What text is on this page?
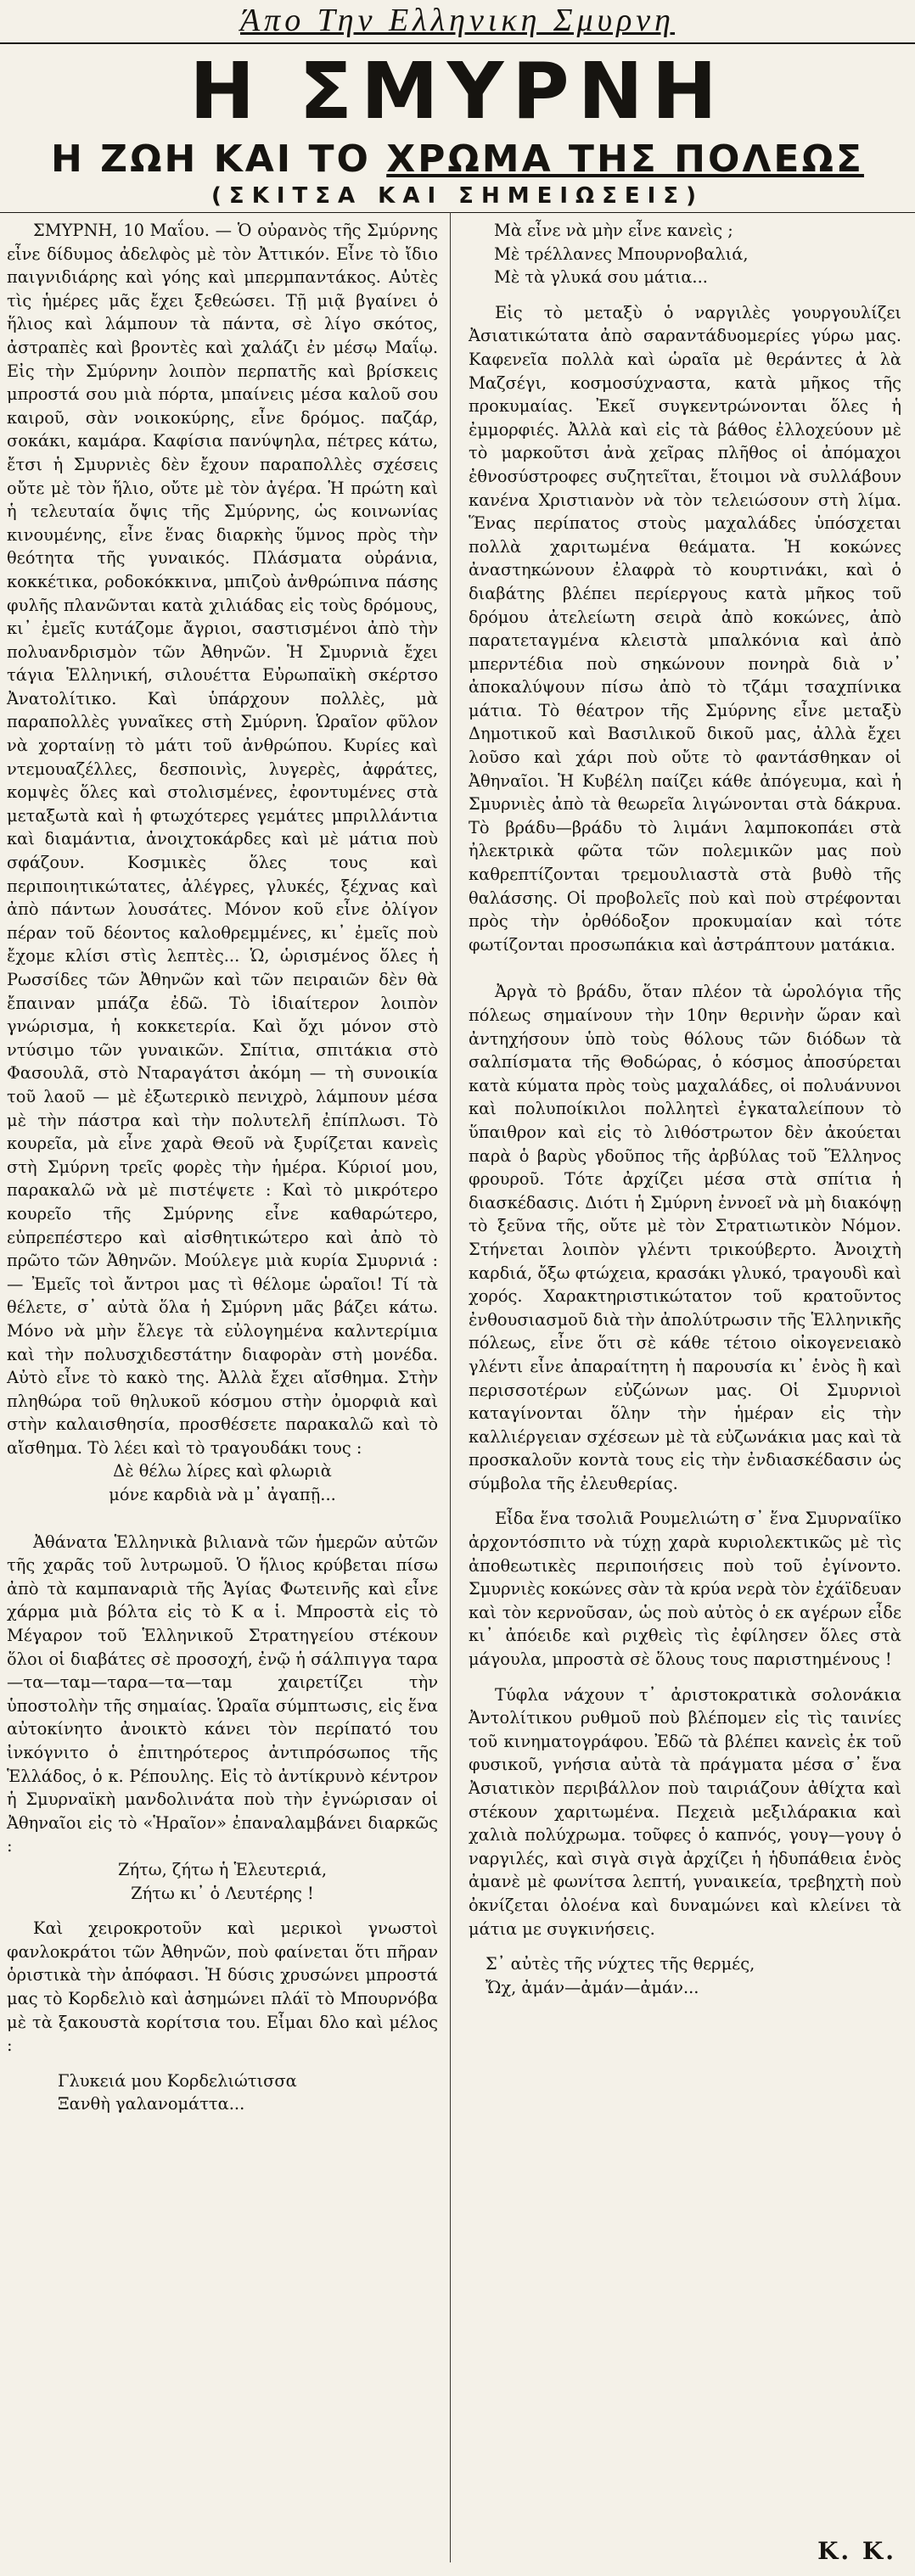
Άπο Την Ελληνικη Σμυρνη
Η ΣΜΥΡΝΗ
Η ΖΩΗ ΚΑΙ ΤΟ ΧΡΩΜΑ ΤΗΣ ΠΟΛΕΩΣ
(ΣΚΙΤΣΑ ΚΑΙ ΣΗΜΕΙΩΣΕΙΣ)

ΣΜΥΡΝΗ, 10 Μαΐου. — Ὁ οὐρανὸς τῆς Σμύρνης εἶνε δίδυμος ἀδελφὸς μὲ τὸν Ἀττικόν. Εἶνε τὸ ἴδιο παιγνιδιάρης καὶ γόης καὶ μπερμπαντάκος. Αὐτὲς τὶς ἡμέρες μᾶς ἔχει ξεθεώσει. Τῇ μιᾷ βγαίνει ὁ ἥλιος καὶ λάμπουν τὰ πάντα, σὲ λίγο σκότος, ἀστραπὲς καὶ βροντὲς καὶ χαλάζι ἐν μέσῳ Μαΐῳ. Εἰς τὴν Σμύρνην λοιπὸν περπατῆς καὶ βρίσκεις μπροστά σου μιὰ πόρτα, μπαίνεις μέσα καλοῦ σου καιροῦ, σὰν νοικοκύρης, εἶνε δρόμος. παζάρ, σοκάκι, καμάρα. Καφίσια πανύψηλα, πέτρες κάτω, ἔτσι ἡ Σμυρνιὲς δὲν ἔχουν παραπολλὲς σχέσεις οὔτε μὲ τὸν ἥλιο, οὔτε μὲ τὸν ἀγέρα. Ἡ πρώτη καὶ ἡ τελευταία ὄψις τῆς Σμύρνης, ὡς κοινωνίας κινουμένης, εἶνε ἕνας διαρκὴς ὕμνος πρὸς τὴν θεότητα τῆς γυναικός. Πλάσματα οὐράνια, κοκκέτικα, ροδοκόκκινα, μπιζοὺ ἀνθρώπινα πάσης φυλῆς πλανῶνται κατὰ χιλιάδας εἰς τοὺς δρόμους, κι᾿ ἐμεῖς κυτάζομε ἄγριοι, σαστισμένοι ἀπὸ τὴν πολυανδρισμὸν τῶν Ἀθηνῶν. Ἡ Σμυρνιὰ ἔχει τάγια Ἑλληνική, σιλουέττα Εὐρωπαϊκὴ σκέρτσο Ἀνατολίτικο. Καὶ ὑπάρχουν πολλὲς, μὰ παραπολλὲς γυναῖκες στὴ Σμύρνη. Ὡραῖον φῦλον νὰ χορταίνῃ τὸ μάτι τοῦ ἀνθρώπου. Κυρίες καὶ ντεμουαζέλλες, δεσποινὶς, λυγερὲς, ἀφράτες, κομψὲς ὅλες καὶ στολισμένες, ἐφοντυμένες στὰ μεταξωτὰ καὶ ἡ φτωχότερες γεμάτες μπριλλάντια καὶ διαμάντια, ἀνοιχτοκάρδες καὶ μὲ μάτια ποὺ σφάζουν. Κοσμικὲς ὅλες τους καὶ περιποιητικώτατες, ἀλέγρες, γλυκές, ξέχνας καὶ ἀπὸ πάντων λουσάτες. Μόνον κοῦ εἶνε ὀλίγον πέραν τοῦ δέοντος καλοθρεμμένες, κι᾿ ἐμεῖς ποὺ ἔχομε κλίσι στὶς λεπτὲς... Ὡ, ὡρισμένος ὅλες ἡ Ρωσσίδες τῶν Ἀθηνῶν καὶ τῶν πειραιῶν δὲν θὰ ἔπαιναν μπάζα ἐδῶ. Τὸ ἰδιαίτερον λοιπὸν γνώρισμα, ἡ κοκκετερία. Καὶ ὄχι μόνον στὸ ντύσιμο τῶν γυναικῶν. Σπίτια, σπιτάκια στὸ Φασουλᾶ, στὸ Νταραγάτσι ἀκόμη — τὴ συνοικία τοῦ λαοῦ — μὲ ἐξωτερικὸ πενιχρὸ, λάμπουν μέσα μὲ τὴν πάστρα καὶ τὴν πολυτελῆ ἐπίπλωσι. Τὸ κουρεῖα, μὰ εἶνε χαρὰ Θεοῦ νὰ ξυρίζεται κανεὶς στὴ Σμύρνη τρεῖς φορὲς τὴν ἡμέρα. Κύριοί μου, παρακαλῶ νὰ μὲ πιστέψετε : Καὶ τὸ μικρότερο κουρεῖο τῆς Σμύρνης εἶνε καθαρώτερο, εὐπρεπέστερο καὶ αἰσθητικώτερο καὶ ἀπὸ τὸ πρῶτο τῶν Ἀθηνῶν. Μούλεγε μιὰ κυρία Σμυρνιά : — Ἐμεῖς τοὶ ἄντροι μας τὶ θέλομε ὡραῖοι! Τί τὰ θέλετε, σ᾿ αὐτὰ ὅλα ἡ Σμύρνη μᾶς βάζει κάτω. Μόνο νὰ μὴν ἔλεγε τὰ εὐλογημένα καλντερίμια καὶ τὴν πολυσχιδεστάτην διαφορὰν στὴ μονέδα. Αὐτὸ εἶνε τὸ κακὸ της. Ἀλλὰ ἔχει αἴσθημα. Στὴν πληθώρα τοῦ θηλυκοῦ κόσμου στὴν ὀμορφιὰ καὶ στὴν καλαισθησία, προσθέσετε παρακαλῶ καὶ τὸ αἴσθημα. Τὸ λέει καὶ τὸ τραγουδάκι τους :

Δὲ θέλω λίρες καὶ φλωριὰ

μόνε καρδιὰ νὰ μ᾿ ἀγαπῇ...

Ἀθάνατα Ἑλληνικὰ βιλιανὰ τῶν ἡμερῶν αὐτῶν τῆς χαρᾶς τοῦ λυτρωμοῦ. Ὁ ἥλιος κρύβεται πίσω ἀπὸ τὰ καμπαναριὰ τῆς Ἁγίας Φωτεινῆς καὶ εἶνε χάρμα μιὰ βόλτα εἰς τὸ Κ α ἱ. Μπροστὰ εἰς τὸ Μέγαρον τοῦ Ἑλληνικοῦ Στρατηγείου στέκουν ὅλοι οἱ διαβάτες σὲ προσοχή, ἐνῷ ἡ σάλπιγγα ταρα—τα—ταμ—ταρα—τα—ταμ χαιρετίζει τὴν ὑποστολὴν τῆς σημαίας. Ὡραῖα σύμπτωσις, εἰς ἕνα αὐτοκίνητο ἀνοικτὸ κάνει τὸν περίπατό του ἰνκόγνιτο ὁ ἐπιτηρότερος ἀντιπρόσωπος τῆς Ἑλλάδος, ὁ κ. Ρέπουλης. Εἰς τὸ ἀντίκρυνὸ κέντρον ἡ Σμυρναϊκὴ μανδολινάτα ποὺ τὴν ἐγνώρισαν οἱ Ἀθηναῖοι εἰς τὸ «Ἡραῖον» ἐπαναλαμβάνει διαρκῶς :

Ζήτω, ζήτω ἡ Ἑλευτεριά,

Ζήτω κι᾿ ὁ Λευτέρης !

Καὶ χειροκροτοῦν καὶ μερικοὶ γνωστοὶ φανλοκράτοι τῶν Ἀθηνῶν, ποὺ φαίνεται ὅτι πῆραν ὁριστικὰ τὴν ἀπόφασι. Ἡ δύσις χρυσώνει μπροστά μας τὸ Κορδελιὸ καὶ ἀσημώνει πλάϊ τὸ Μπουρνόβα μὲ τὰ ξακουστὰ κορίτσια του. Εἶμαι δλο καὶ μέλος :

Γλυκειά μου Κορδελιώτισσα

Ξανθὴ γαλανομάττα...

Μὰ εἶνε νὰ μὴν εἶνε κανεὶς ;

Μὲ τρέλλανες Μπουρνοβαλιά,

Μὲ τὰ γλυκά σου μάτια...

Εἰς τὸ μεταξὺ ὁ ναργιλὲς γουργουλίζει Ἀσιατικώτατα ἀπὸ σαραντάδυομερίες γύρω μας. Καφενεῖα πολλὰ καὶ ὡραῖα μὲ θεράντες ἀ λὰ Μαζσέγι, κοσμοσύχναστα, κατὰ μῆκος τῆς προκυμαίας. Ἐκεῖ συγκεντρώνονται ὅλες ἡ ἐμμορφιές. Ἀλλὰ καὶ εἰς τὰ βάθος ἐλλοχεύουν μὲ τὸ μαρκοῦτσι ἀνὰ χεῖρας πλῆθος οἱ ἀπόμαχοι ἐθνοσύστροφες συζητεῖται, ἕτοιμοι νὰ συλλάβουν κανένα Χριστιανὸν νὰ τὸν τελειώσουν στὴ λίμα. Ἕνας περίπατος στοὺς μαχαλάδες ὑπόσχεται πολλὰ χαριτωμένα θεάματα. Ἡ κοκώνες ἀναστηκώνουν ἐλαφρὰ τὸ κουρτινάκι, καὶ ὁ διαβάτης βλέπει περίεργους κατὰ μῆκος τοῦ δρόμου ἀτελείωτη σειρὰ ἀπὸ κοκώνες, ἀπὸ παρατεταγμένα κλειστὰ μπαλκόνια καὶ ἀπὸ μπερντέδια ποὺ σηκώνουν πονηρὰ διὰ ν᾿ ἀποκαλύψουν πίσω ἀπὸ τὸ τζάμι τσαχπίνικα μάτια. Τὸ θέατρον τῆς Σμύρνης εἶνε μεταξὺ Δημοτικοῦ καὶ Βασιλικοῦ δικοῦ μας, ἀλλὰ ἔχει λοῦσο καὶ χάρι ποὺ οὔτε τὸ φαντάσθηκαν οἱ Ἀθηναῖοι. Ἡ Κυβέλη παίζει κάθε ἀπόγευμα, καὶ ἡ Σμυρνιὲς ἀπὸ τὰ θεωρεῖα λιγώνονται στὰ δάκρυα. Τὸ βράδυ—βράδυ τὸ λιμάνι λαμποκοπάει στὰ ἠλεκτρικὰ φῶτα τῶν πολεμικῶν μας ποὺ καθρεπτίζονται τρεμουλιαστὰ στὰ βυθὸ τῆς θαλάσσης. Οἱ προβολεῖς ποὺ καὶ ποὺ στρέφονται πρὸς τὴν ὀρθόδοξον προκυμαίαν καὶ τότε φωτίζονται προσωπάκια καὶ ἀστράπτουν ματάκια.

Ἀργὰ τὸ βράδυ, ὅταν πλέον τὰ ὡρολόγια τῆς πόλεως σημαίνουν τὴν 10ην θερινὴν ὥραν καὶ ἀντηχήσουν ὑπὸ τοὺς θόλους τῶν διόδων τὰ σαλπίσματα τῆς Θοδώρας, ὁ κόσμος ἀποσύρεται κατὰ κύματα πρὸς τοὺς μαχαλάδες, οἱ πολυάνυνοι καὶ πολυποίκιλοι πολλητεὶ ἐγκαταλείπουν τὸ ὕπαιθρον καὶ εἰς τὸ λιθόστρωτον δὲν ἀκούεται παρὰ ὁ βαρὺς γδοῦπος τῆς ἀρβύλας τοῦ Ἕλληνος φρουροῦ. Τότε ἀρχίζει μέσα στὰ σπίτια ἡ διασκέδασις. Διότι ἡ Σμύρνη ἐννοεῖ νὰ μὴ διακόψῃ τὸ ξεῦνα τῆς, οὔτε μὲ τὸν Στρατιωτικὸν Νόμον. Στήνεται λοιπὸν γλέντι τρικούβερτο. Ἀνοιχτὴ καρδιά, ὄξω φτώχεια, κρασάκι γλυκό, τραγουδὶ καὶ χορός. Χαρακτηριστικώτατον τοῦ κρατοῦντος ἐνθουσιασμοῦ διὰ τὴν ἀπολύτρωσιν τῆς Ἑλληνικῆς πόλεως, εἶνε ὅτι σὲ κάθε τέτοιο οἰκογενειακὸ γλέντι εἶνε ἀπαραίτητη ἡ παρουσία κι᾿ ἑνὸς ἢ καὶ περισσοτέρων εὐζώνων μας. Οἱ Σμυρνιοὶ καταγίνονται ὅλην τὴν ἡμέραν εἰς τὴν καλλιέργειαν σχέσεων μὲ τὰ εὐζωνάκια μας καὶ τὰ προσκαλοῦν κοντὰ τους εἰς τὴν ἐνδιασκέδασιν ὡς σύμβολα τῆς ἐλευθερίας.

Εἶδα ἕνα τσολιᾶ Ρουμελιώτη σ᾿ ἕνα Σμυρναίϊκο ἀρχοντόσπιτο νὰ τύχῃ χαρὰ κυριολεκτικῶς μὲ τὶς ἀποθεωτικὲς περιποιήσεις ποὺ τοῦ ἐγίνοντο. Σμυρνιὲς κοκώνες σὰν τὰ κρύα νερὰ τὸν ἐχάϊδευαν καὶ τὸν κερνοῦσαν, ὡς ποὺ αὐτὸς ὁ εκ αγέρων εἶδε κι᾿ ἀπόειδε καὶ ριχθεὶς τὶς ἐφίλησεν ὅλες στὰ μάγουλα, μπροστὰ σὲ ὅλους τους παριστημένους !

Τύφλα νάχουν τ᾿ ἀριστοκρατικὰ σολονάκια Ἀντολίτικου ρυθμοῦ ποὺ βλέπομεν εἰς τὶς ταινίες τοῦ κινηματογράφου. Ἐδῶ τὰ βλέπει κανεὶς ἐκ τοῦ φυσικοῦ, γνήσια αὐτὰ τὰ πράγματα μέσα σ᾿ ἕνα Ἀσιατικὸν περιβάλλον ποὺ ταιριάζουν ἀθίχτα καὶ στέκουν χαριτωμένα. Πεχειὰ μεξιλάρακια καὶ χαλιὰ πολύχρωμα. τοῦφες ὁ καπνός, γουγ—γουγ ὁ ναργιλές, καὶ σιγὰ σιγὰ ἀρχίζει ἡ ἡδυπάθεια ἑνὸς ἀμανὲ μὲ φωνίτσα λεπτή, γυναικεία, τρεβηχτὴ ποὺ ὀκνίζεται ὀλοένα καὶ δυναμώνει καὶ κλείνει τὰ μάτια με συγκινήσεις.

Σ᾿ αὐτὲς τῆς νύχτες τῆς θερμές,

Ὤχ, ἀμάν—ἀμάν—ἀμάν...

Κ. Κ.
